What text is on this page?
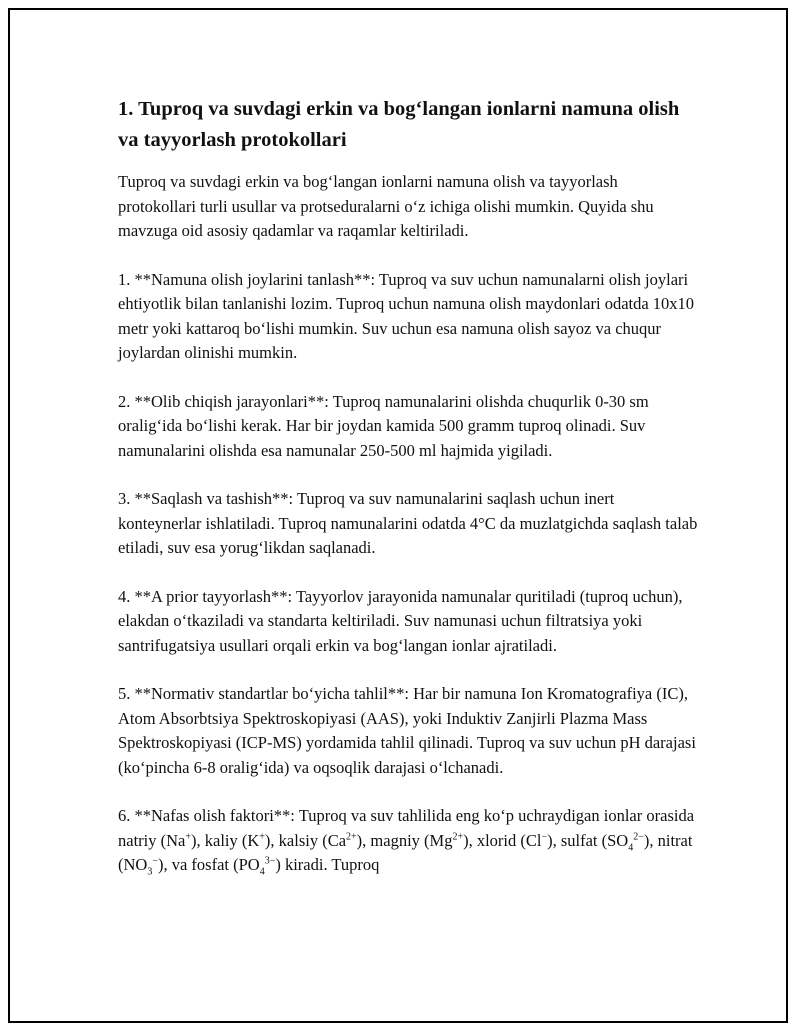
1. Tuproq va suvdagi erkin va bog‘langan ionlarni namuna olish va tayyorlash protokollari

Tuproq va suvdagi erkin va bog‘langan ionlarni namuna olish va tayyorlash protokollari turli usullar va protseduralarni o‘z ichiga olishi mumkin. Quyida shu mavzuga oid asosiy qadamlar va raqamlar keltiriladi.

1. **Namuna olish joylarini tanlash**: Tuproq va suv uchun namunalarni olish joylari ehtiyotlik bilan tanlanishi lozim. Tuproq uchun namuna olish maydonlari odatda 10x10 metr yoki kattaroq bo‘lishi mumkin. Suv uchun esa namuna olish sayoz va chuqur joylardan olinishi mumkin.

2. **Olib chiqish jarayonlari**: Tuproq namunalarini olishda chuqurlik 0-30 sm oralig‘ida bo‘lishi kerak. Har bir joydan kamida 500 gramm tuproq olinadi. Suv namunalarini olishda esa namunalar 250-500 ml hajmida yigiladi.

3. **Saqlash va tashish**: Tuproq va suv namunalarini saqlash uchun inert konteynerlar ishlatiladi. Tuproq namunalarini odatda 4°C da muzlatgichda saqlash talab etiladi, suv esa yorug‘likdan saqlanadi.

4. **A prior tayyorlash**: Tayyorlov jarayonida namunalar quritiladi (tuproq uchun), elakdan o‘tkaziladi va standarta keltiriladi. Suv namunasi uchun filtratsiya yoki santrifugatsiya usullari orqali erkin va bog‘langan ionlar ajratiladi.

5. **Normativ standartlar bo‘yicha tahlil**: Har bir namuna Ion Kromatografiya (IC), Atom Absorbtsiya Spektroskopiyasi (AAS), yoki Induktiv Zanjirli Plazma Mass Spektroskopiyasi (ICP-MS) yordamida tahlil qilinadi. Tuproq va suv uchun pH darajasi (ko‘pincha 6-8 oralig‘ida) va oqsoqlik darajasi o‘lchanadi.

6. **Nafas olish faktori**: Tuproq va suv tahlilida eng ko‘p uchraydigan ionlar orasida natriy (Na+), kaliy (K+), kalsiy $(Ca^{2+})$, magniy $(Mg^{2+})$, xlorid (Cl−), sulfat $(SO_4^{2-})$, nitrat $(NO_3^-)$, va fosfat $(PO_4^{3-})$ kiradi. Tuproq
